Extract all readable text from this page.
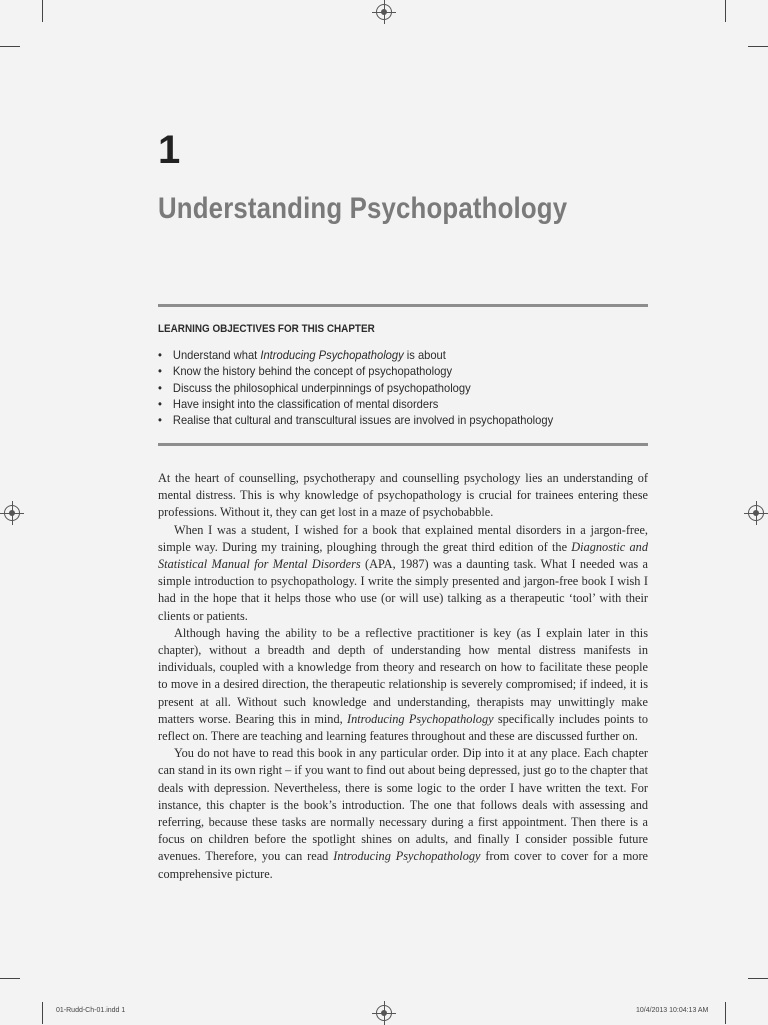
1
Understanding Psychopathology
LEARNING OBJECTIVES FOR THIS CHAPTER
• Understand what Introducing Psychopathology is about
• Know the history behind the concept of psychopathology
• Discuss the philosophical underpinnings of psychopathology
• Have insight into the classification of mental disorders
• Realise that cultural and transcultural issues are involved in psychopathology

At the heart of counselling, psychotherapy and counselling psychology lies an understanding of mental distress. This is why knowledge of psychopathology is crucial for trainees entering these professions. Without it, they can get lost in a maze of psychobabble.

When I was a student, I wished for a book that explained mental disorders in a jargon-free, simple way. During my training, ploughing through the great third edition of the Diagnostic and Statistical Manual for Mental Disorders (APA, 1987) was a daunting task. What I needed was a simple introduction to psychopathology. I write the simply presented and jargon-free book I wish I had in the hope that it helps those who use (or will use) talking as a therapeutic ‘tool’ with their clients or patients.

Although having the ability to be a reflective practitioner is key (as I explain later in this chapter), without a breadth and depth of understanding how mental distress manifests in individuals, coupled with a knowledge from theory and research on how to facilitate these people to move in a desired direction, the therapeutic relationship is severely compromised; if indeed, it is present at all. Without such knowledge and understanding, therapists may unwittingly make matters worse. Bearing this in mind, Introducing Psychopathology specifically includes points to reflect on. There are teaching and learning features throughout and these are discussed further on.

You do not have to read this book in any particular order. Dip into it at any place. Each chapter can stand in its own right – if you want to find out about being depressed, just go to the chapter that deals with depression. Nevertheless, there is some logic to the order I have written the text. For instance, this chapter is the book’s introduction. The one that follows deals with assessing and referring, because these tasks are normally necessary during a first appointment. Then there is a focus on children before the spotlight shines on adults, and finally I consider possible future avenues. Therefore, you can read Introducing Psychopathology from cover to cover for a more comprehensive picture.

01-Rudd-Ch-01.indd 1	10/4/2013 10:04:13 AM
